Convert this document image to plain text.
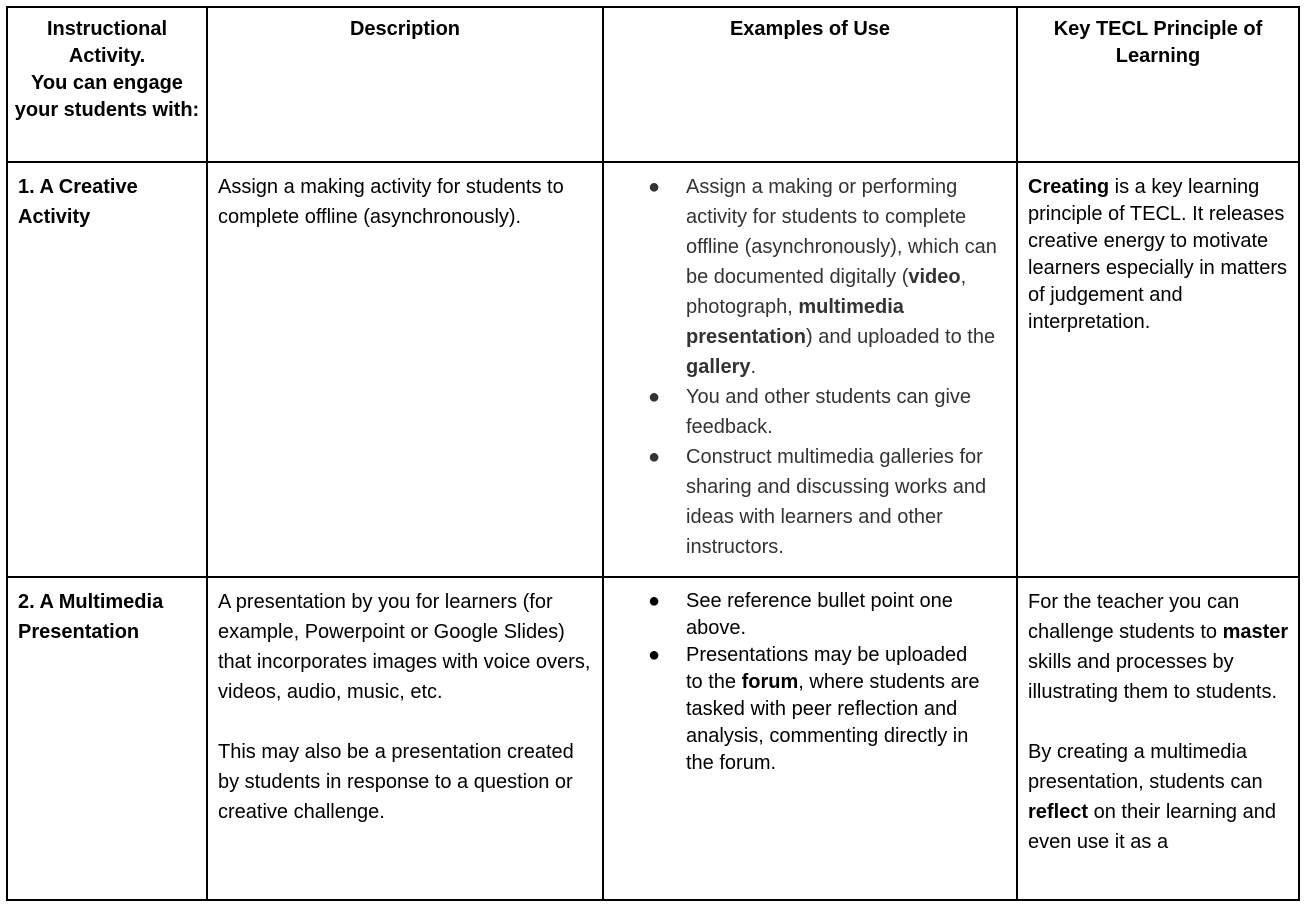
Instructional Activity.
You can engage your students with:
Description	Examples of Use	Key TECL Principle of Learning
1. A Creative Activity

Assign a making activity for students to complete offline (asynchronously).

● Assign a making or performing activity for students to complete offline (asynchronously), which can be documented digitally (video, photograph, multimedia presentation) and uploaded to the gallery.
● You and other students can give feedback.
● Construct multimedia galleries for sharing and discussing works and ideas with learners and other instructors.

Creating is a key learning principle of TECL. It releases creative energy to motivate learners especially in matters of judgement and interpretation.

2. A Multimedia Presentation

A presentation by you for learners (for example, Powerpoint or Google Slides) that incorporates images with voice overs, videos, audio, music, etc.

This may also be a presentation created by students in response to a question or creative challenge.

● See reference bullet point one above.
● Presentations may be uploaded to the forum, where students are tasked with peer reflection and analysis, commenting directly in the forum.

For the teacher you can challenge students to master skills and processes by illustrating them to students.

By creating a multimedia presentation, students can reflect on their learning and even use it as a
